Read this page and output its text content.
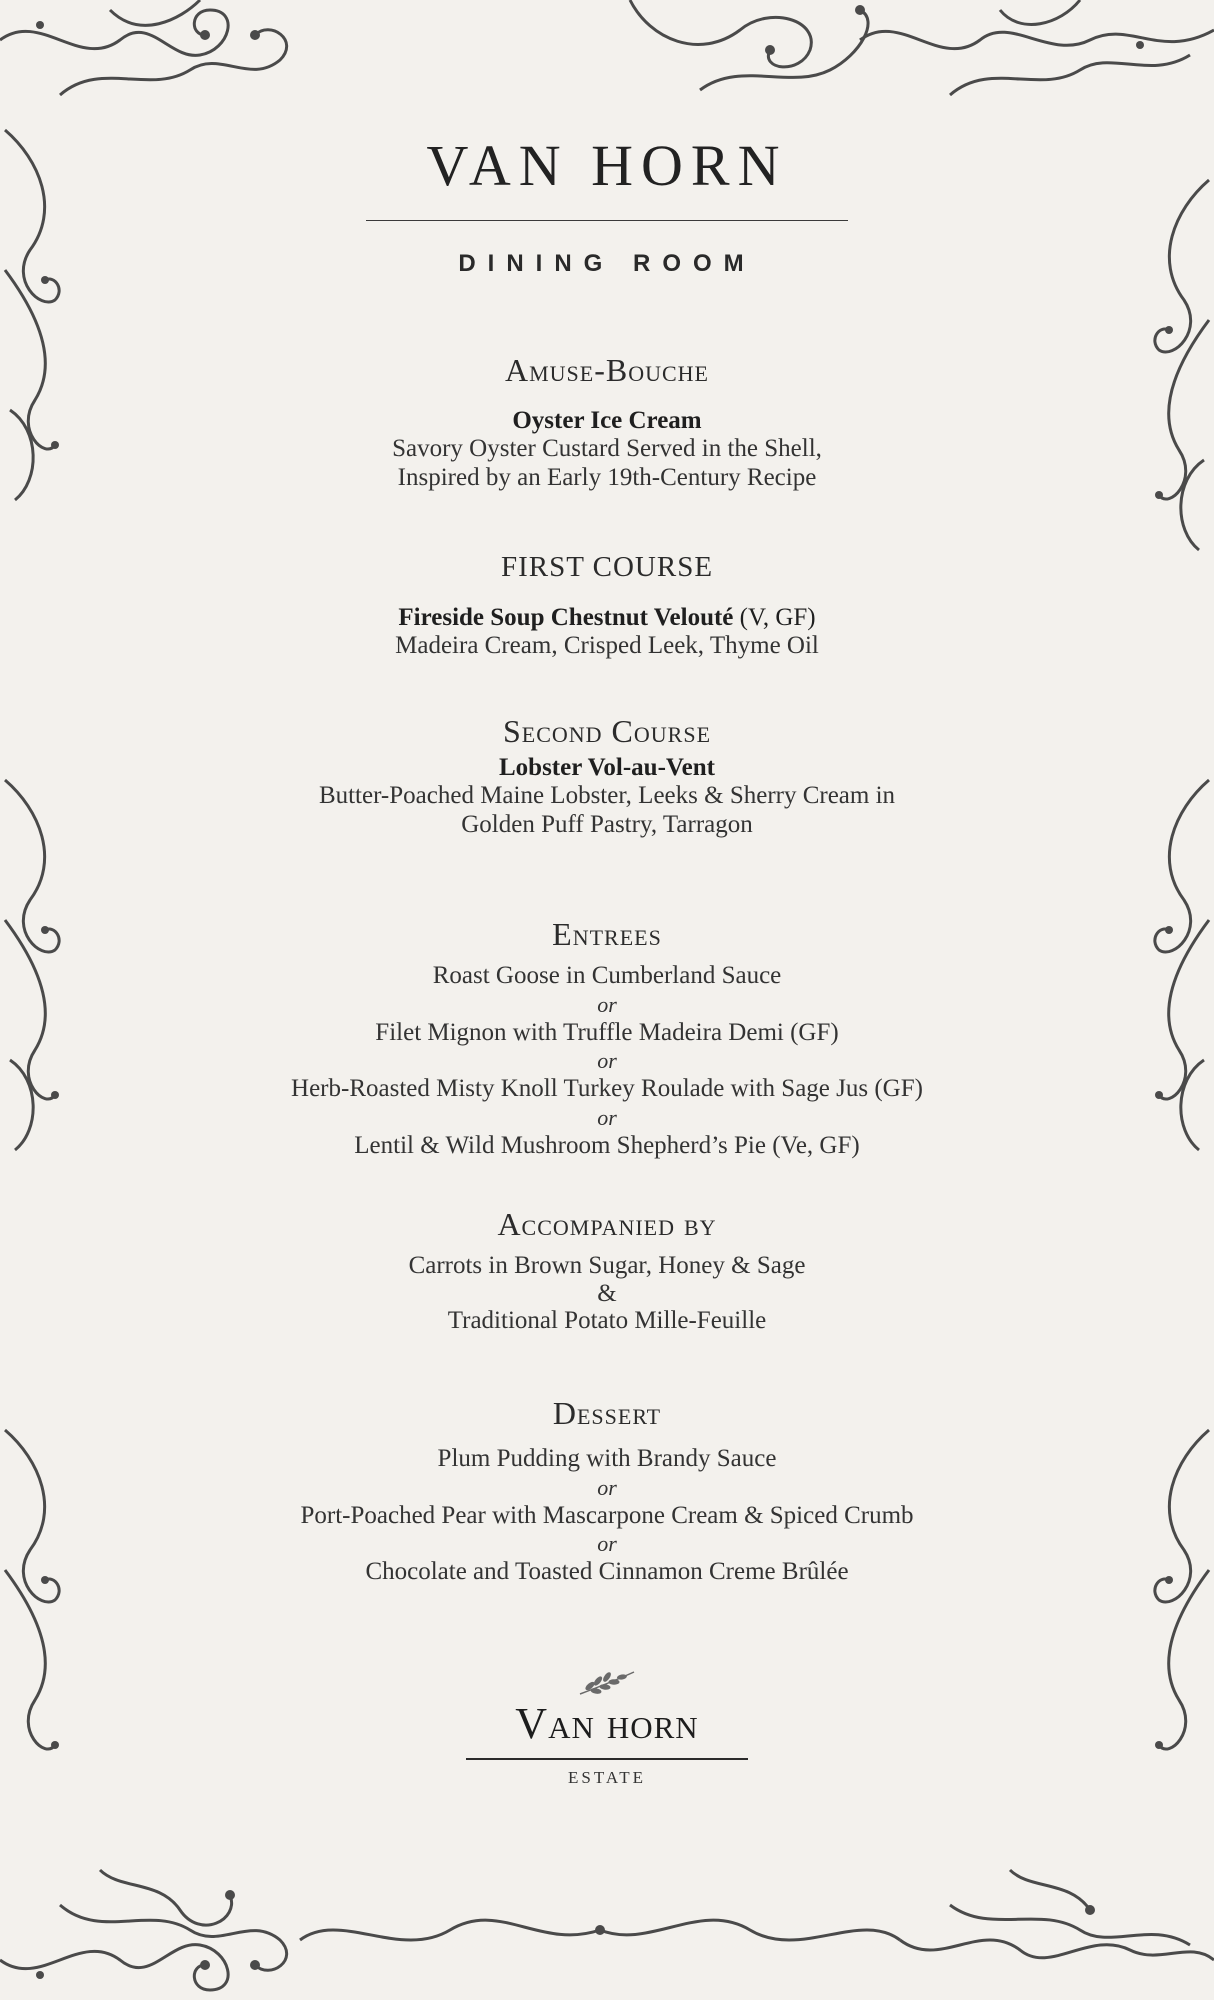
VAN HORN
DINING ROOM
Amuse-Bouche
Oyster Ice Cream
Savory Oyster Custard Served in the Shell,
Inspired by an Early 19th-Century Recipe
FIRST COURSE
Fireside Soup Chestnut Velouté (V, GF)
Madeira Cream, Crisped Leek, Thyme Oil
Second Course
Lobster Vol-au-Vent
Butter-Poached Maine Lobster, Leeks & Sherry Cream in
Golden Puff Pastry, Tarragon
Entrees
Roast Goose in Cumberland Sauce
or
Filet Mignon with Truffle Madeira Demi (GF)
or
Herb-Roasted Misty Knoll Turkey Roulade with Sage Jus (GF)
or
Lentil & Wild Mushroom Shepherd’s Pie (Ve, GF)
Accompanied by
Carrots in Brown Sugar, Honey & Sage
&
Traditional Potato Mille-Feuille
Dessert
Plum Pudding with Brandy Sauce
or
Port-Poached Pear with Mascarpone Cream & Spiced Crumb
or
Chocolate and Toasted Cinnamon Creme Brûlée
Van horn
ESTATE
